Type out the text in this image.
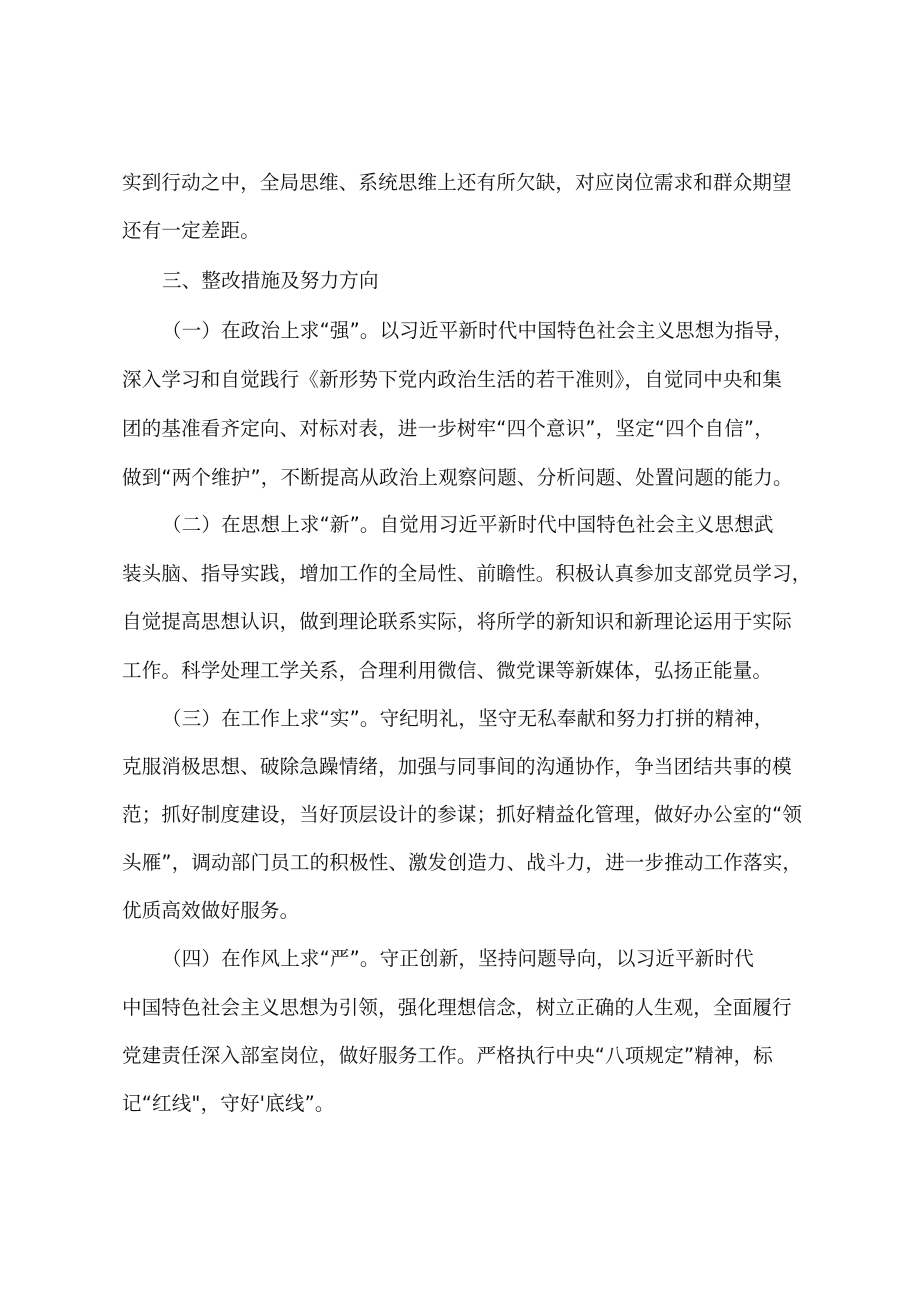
实到行动之中，全局思维、系统思维上还有所欠缺，对应岗位需求和群众期望
还有一定差距。
三、整改措施及努力方向
（一）在政治上求“强”。以习近平新时代中国特色社会主义思想为指导，
深入学习和自觉践行《新形势下党内政治生活的若干准则》，自觉同中央和集
团的基准看齐定向、对标对表，进一步树牢“四个意识”，坚定“四个自信”，
做到“两个维护”，不断提高从政治上观察问题、分析问题、处置问题的能力。
（二）在思想上求“新”。自觉用习近平新时代中国特色社会主义思想武
装头脑、指导实践，增加工作的全局性、前瞻性。积极认真参加支部党员学习，
自觉提高思想认识，做到理论联系实际，将所学的新知识和新理论运用于实际
工作。科学处理工学关系，合理利用微信、微党课等新媒体，弘扬正能量。
（三）在工作上求“实”。守纪明礼，坚守无私奉献和努力打拼的精神，
克服消极思想、破除急躁情绪，加强与同事间的沟通协作，争当团结共事的模
范；抓好制度建设，当好顶层设计的参谋；抓好精益化管理，做好办公室的“领
头雁”，调动部门员工的积极性、激发创造力、战斗力，进一步推动工作落实，
优质高效做好服务。
（四）在作风上求“严”。守正创新，坚持问题导向，以习近平新时代
中国特色社会主义思想为引领，强化理想信念，树立正确的人生观，全面履行
党建责任深入部室岗位，做好服务工作。严格执行中央“八项规定”精神，标
记“红线"，守好'底线”。
